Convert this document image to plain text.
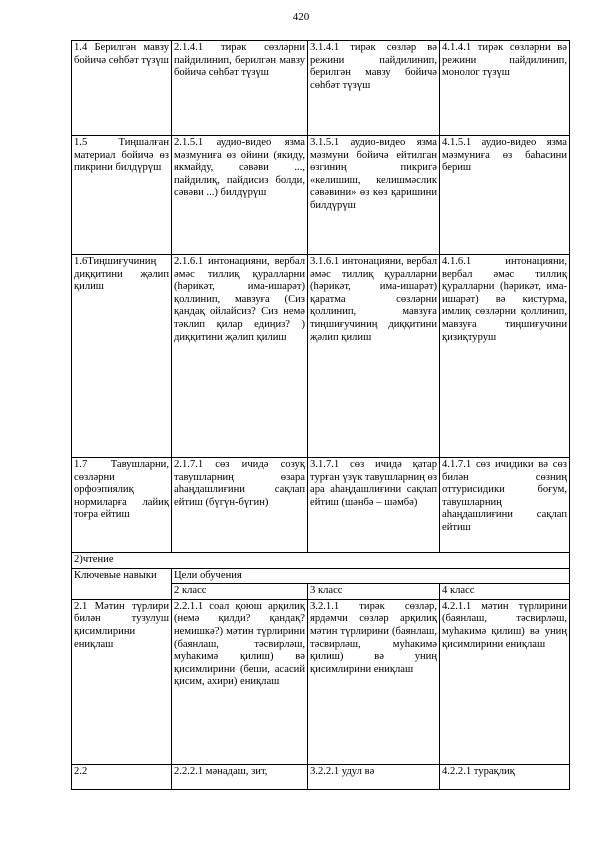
420
1.4 Берилгән мавзу бойичә сөһбәт түзүш	2.1.4.1 тирәк сөзләрни пайдилинип, берилгән мавзу бойичә сөһбәт түзүш	3.1.4.1 тирәк сөзләр вә режини пайдилинип, берилгән мавзу бойичә сөһбәт түзүш	4.1.4.1 тирәк сөзләрни вә режини пайдилинип, монолог түзүш
1.5 Тиңшалған материал бойичә өз пикрини билдүрүш	2.1.5.1 аудио-видео язма мәзмуниға өз ойини (якиду, якмайду, сәвәви ..., пайдилиқ, пайдисиз болди, сәвәви ...) билдүрүш	3.1.5.1 аудио-видео язма мәзмуни бойичә ейтилган өзгиниң пикригә «келишиш, келишмәслик сәвәвини» өз көз қаришини билдүрүш	4.1.5.1 аудио-видео язма мәзмуниға өз баһасини бериш
1.6Тиңшиғучиниң диққитини җәлип қилиш	2.1.6.1 интонацияни, вербал әмәс тиллиқ қуралларни (һәрикәт, има-ишарәт) қоллинип, мавзуға (Сиз қандақ ойлайсиз? Сиз немә тәклип қилар едиңиз? ) диққитини җәлип қилиш	3.1.6.1 интонацияни, вербал әмәс тиллиқ қуралларни (һәрикәт, има-ишарәт) қаратма сөзләрни қоллинип, мавзуға тиңшиғучиниң диққитини җәлип қилиш	4.1.6.1 интонацияни, вербал әмәс тиллиқ қуралларни (һәрикәт, има-ишарәт) вә кистурма, имлиқ сөзләрни қоллинип, мавзуға тиңшиғучини қизиқтуруш
1.7 Тавушларни, сөзләрни орфоэпиялиқ нормиларға лайиқ тоғра ейтиш	2.1.7.1 сөз ичидә созуқ тавушларниң өзара аһаңдашлиғини сақлап ейтиш (бүгүн-бүгин)	3.1.7.1 сөз ичидә қатар турған үзүк тавушларниң өз ара аһаңдашлиғини сақлап ейтиш (шәнбә – шәмбә)	4.1.7.1 сөз ичидики вә сөз билән сөзниң оттурисидики боғум, тавушларниң аһаңдашлиғини сақлап ейтиш
2)чтение			
Ключевые навыки	Цели обучения		
	2 класс	3 класс	4 класс
2.1 Мәтин түрлири билән тузулуш қисимлирини ениқлаш	2.2.1.1 соал қоюш арқилиқ (немә қилди? қандақ? немишкә?) мәтин түрлирини (баянлаш, тәсвирләш, муһакимә қилиш) вә қисимлирини (беши, асасий қисим, ахири) ениқлаш	3.2.1.1 тирәк сөзләр, ярдәмчи сөзләр арқилиқ мәтин түрлирини (баянлаш, тәсвирләш, муһакимә қилиш) вә униң қисимлирини ениқлаш	4.2.1.1 мәтин түрлирини (баянлаш, тәсвирләш, муһакимә қилиш) вә униң қисимлирини ениқлаш
2.2	2.2.2.1 мәнадаш, зит,	3.2.2.1 удул вә	4.2.2.1 турақлиқ
